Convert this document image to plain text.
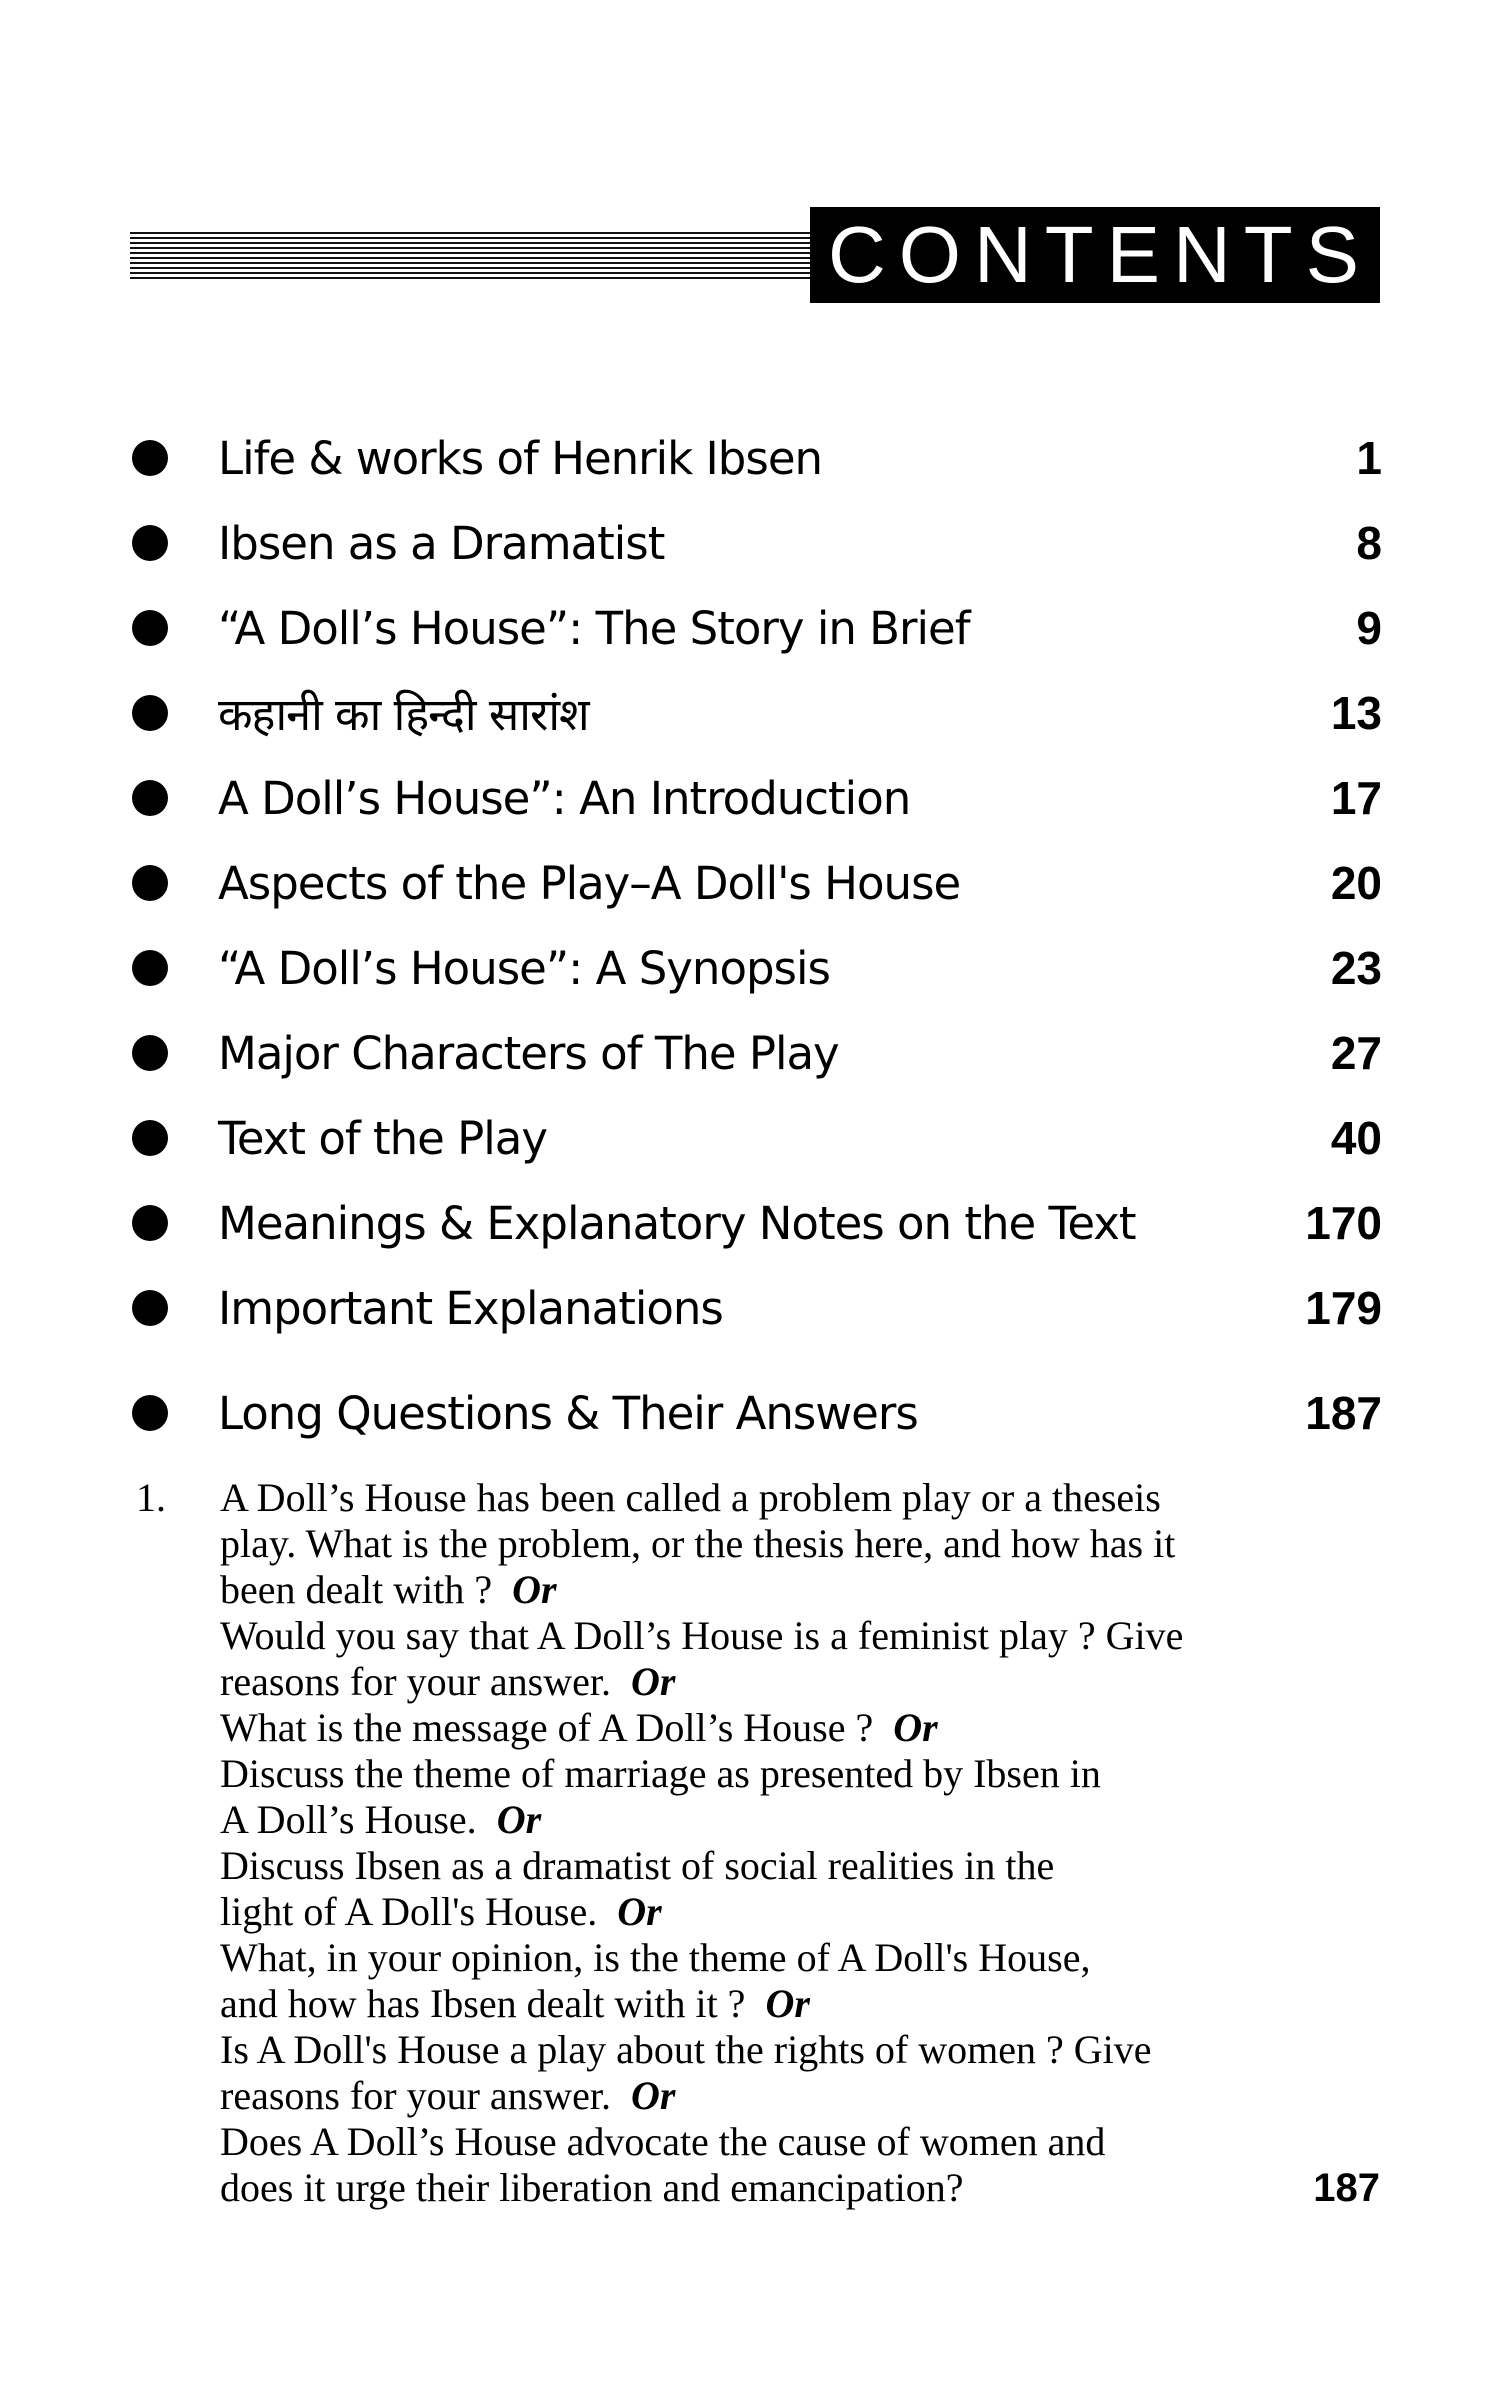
CONTENTS
Life & works of Henrik Ibsen	1
Ibsen as a Dramatist	8
“A Doll’s House”: The Story in Brief	9
कहानी का हिन्दी सारांश	13
A Doll’s House”: An Introduction	17
Aspects of the Play–A Doll's House	20
“A Doll’s House”: A Synopsis	23
Major Characters of The Play	27
Text of the Play	40
Meanings & Explanatory Notes on the Text	170
Important Explanations	179
Long Questions & Their Answers	187
1. A Doll’s House has been called a problem play or a theseis
play. What is the problem, or the thesis here, and how has it
been dealt with ? Or
Would you say that A Doll’s House is a feminist play ? Give
reasons for your answer. Or
What is the message of A Doll’s House ? Or
Discuss the theme of marriage as presented by Ibsen in
A Doll’s House. Or
Discuss Ibsen as a dramatist of social realities in the
light of A Doll's House. Or
What, in your opinion, is the theme of A Doll's House,
and how has Ibsen dealt with it ? Or
Is A Doll's House a play about the rights of women ? Give
reasons for your answer. Or
Does A Doll’s House advocate the cause of women and
does it urge their liberation and emancipation?	187
